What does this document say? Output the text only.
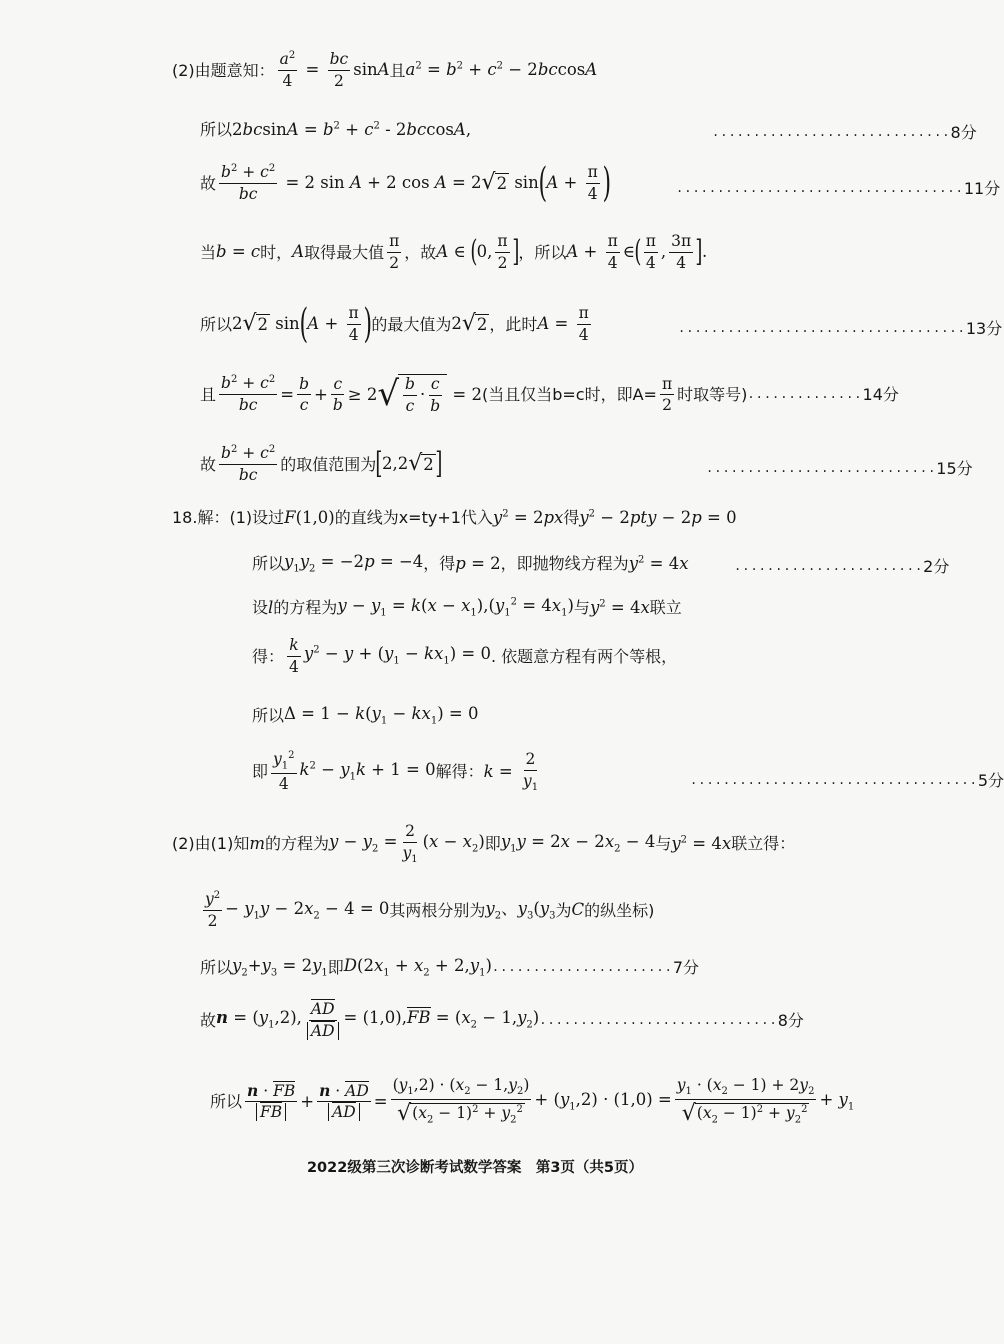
(2)由题意知： $\frac{a^2}{4} = \frac{bc}{2}$ sinA 且 $a^2 = b^2 + c^2 - 2bccosA$
所以 $2bcsinA = b^2 + c^2 - 2bccosA$,	............................. 8分
故 $\frac{b^2 + c^2}{bc} = 2$ sin A + 2 cos A = 2 √ 2 sin ( $A + \frac{\pi}{4}$ )	................................... 11分
当 b = c 时， A 取得最大值 $\frac{\pi}{2}$ ，故 A ∈ ( 0, $\frac{\pi}{2}$ ] ，所以 $A + \frac{\pi}{4}$ ∈ ( $\frac{\pi}{4}$ , $\frac{3\pi}{4}$ ] .
所以 2 √ 2 sin ( $A + \frac{\pi}{4}$ ) 的最大值为 2 √ 2 ，此时 $A = \frac{\pi}{4}$	................................... 13分
且 $\frac{b^2 + c^2}{bc} = \frac{b}{c} + \frac{c}{b} \ge 2$ √ $\frac{b}{c} \cdot \frac{c}{b} = 2$ (当且仅当b=c时，即$A= \frac{\pi}{2}$ 时取等号) .............. 14分
故 $\frac{b^2 + c^2}{bc}$ 的取值范围为 [ 2,2 √ 2 ]	............................ 15分
18.解：(1)设过 F(1,0) 的直线为x=ty+1代入 $y^2 = 2px$ 得 $y^2 - 2pty - 2p = 0$
所以 $y_1y_2 = -2p = -4$ ，得 p = 2 ，即抛物线方程为 $y^2 = 4x$	....................... 2分
设 l 的方程为 $y - y_1 = k(x - x_1),(y_1^2 = 4x_1)$ 与 $y^2 = 4x$ 联立
得： $\frac{k}{4} y^2 - y + (y_1 - kx_1) = 0$ . 依题意方程有两个等根，
所以 $\Delta = 1 - k(y_1 - kx_1) = 0$
即 $\frac{y_1^2}{4} k^2 - y_1k + 1 = 0$ 解得： $k = \frac{2}{y_1}$	................................... 5分
(2)由(1)知 m 的方程为 $y - y_2 = \frac{2}{y_1} (x - x_2)$ 即 $y_1y = 2x - 2x_2 - 4$ 与 $y^2 = 4x$ 联立得：
$\frac{y^2}{2} - y_1y - 2x_2 - 4 = 0$ 其两根分别为 $y_2$、$y_3(y_3$ 为 C 的纵坐标)
所以 $y_2+y_3 = 2y_1$ 即 $D(2x_1 + x_2 + 2,y_1)$ ...................... 7分
故 $n = (y_1,2)$, $\frac{AD}{AD} = (1,0),FB = (x_2 - 1,y_2)$ ............................. 8分
所以 $\frac{n \cdot FB}{FB} + \frac{n \cdot AD}{AD} = \frac{(y_1,2) \cdot (x_2 - 1,y_2)}{√ (x_2 - 1)^2 + y_2^2} + (y_1,2) \cdot (1,0) = \frac{y_1 \cdot (x_2 - 1) + 2y_2}{√ (x_2 - 1)^2 + y_2^2} + y_1$
2022级第三次诊断考试数学答案　第3页（共5页）
